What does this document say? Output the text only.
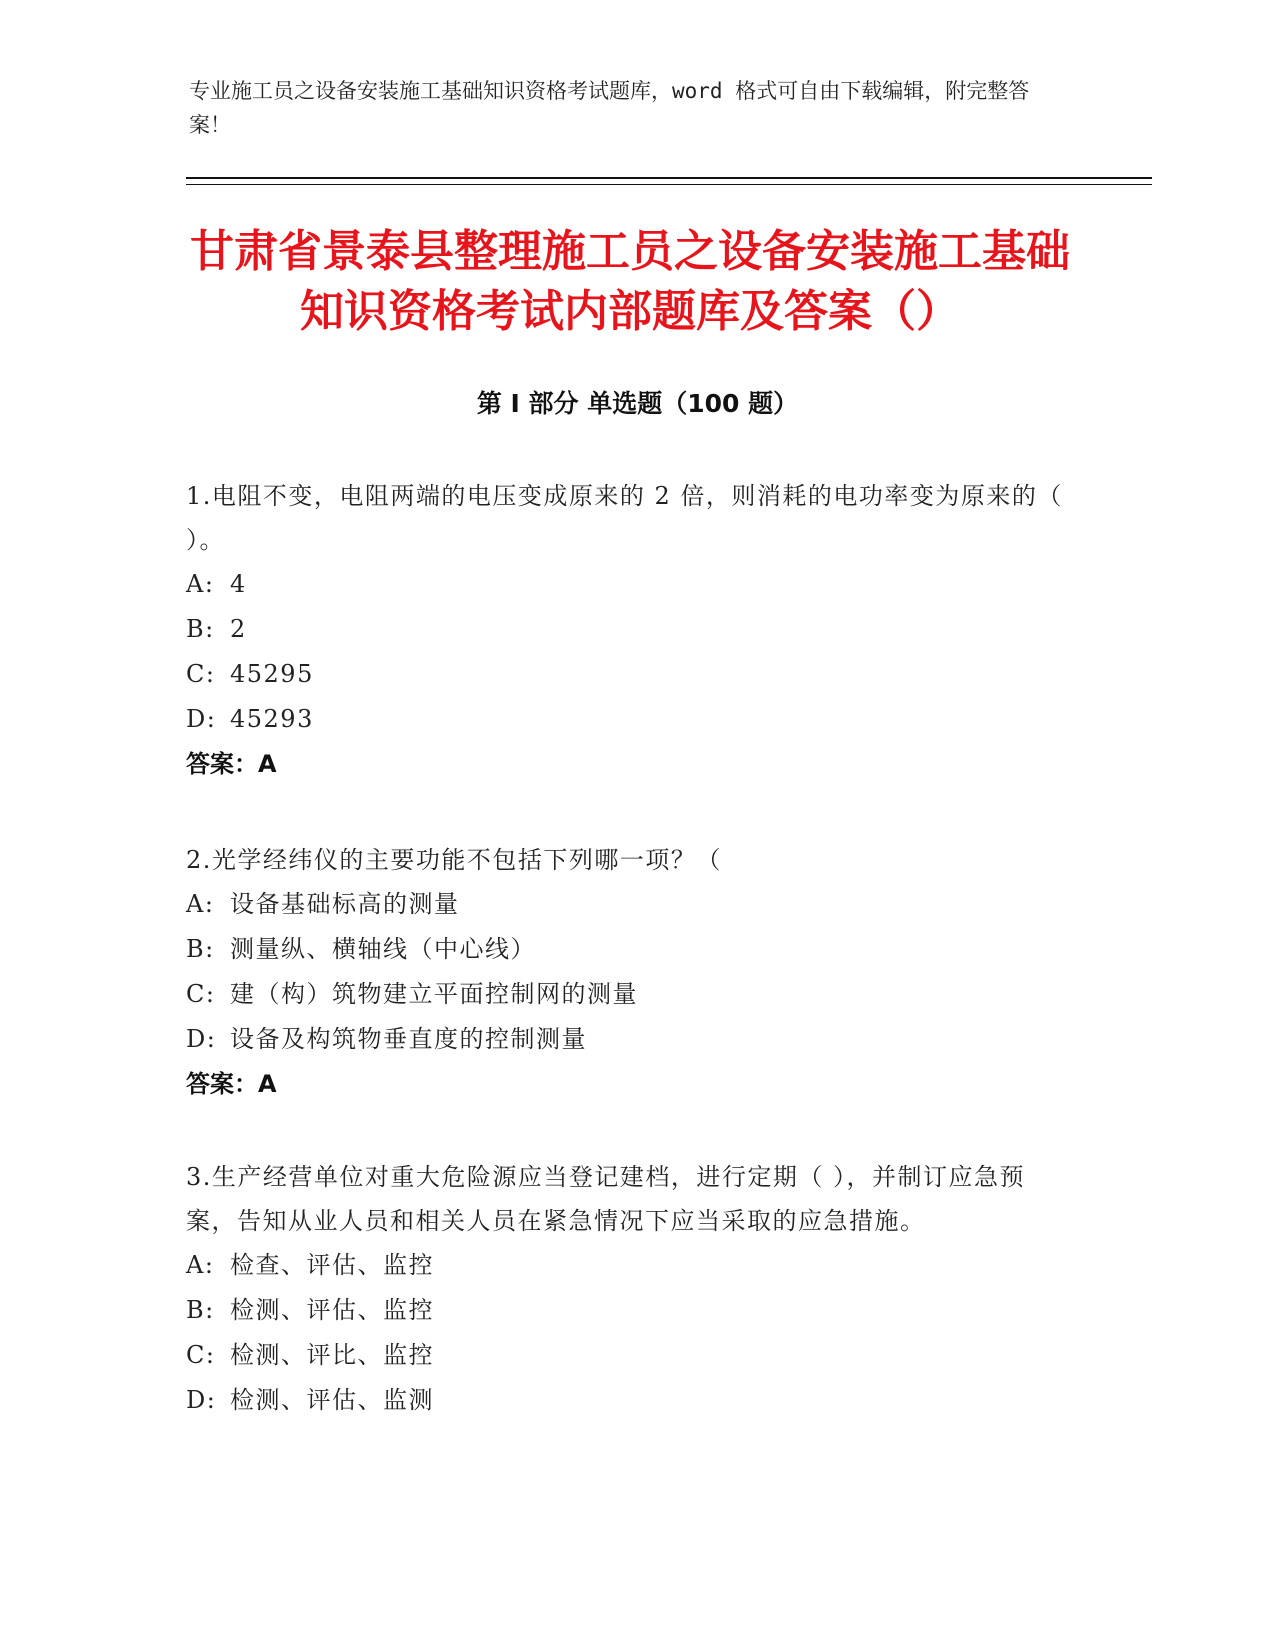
专业施工员之设备安装施工基础知识资格考试题库，word 格式可自由下载编辑，附完整答案！
甘肃省景泰县整理施工员之设备安装施工基础知识资格考试内部题库及答案（）
第 I 部分 单选题（100 题）
1.电阻不变，电阻两端的电压变成原来的 2 倍，则消耗的电功率变为原来的（ ）。
A: 4
B: 2
C: 45295
D: 45293
答案：A
2.光学经纬仪的主要功能不包括下列哪一项？（
A: 设备基础标高的测量
B: 测量纵、横轴线（中心线）
C: 建（构）筑物建立平面控制网的测量
D: 设备及构筑物垂直度的控制测量
答案：A
3.生产经营单位对重大危险源应当登记建档，进行定期（ ），并制订应急预案，告知从业人员和相关人员在紧急情况下应当采取的应急措施。
A: 检查、评估、监控
B: 检测、评估、监控
C: 检测、评比、监控
D: 检测、评估、监测
